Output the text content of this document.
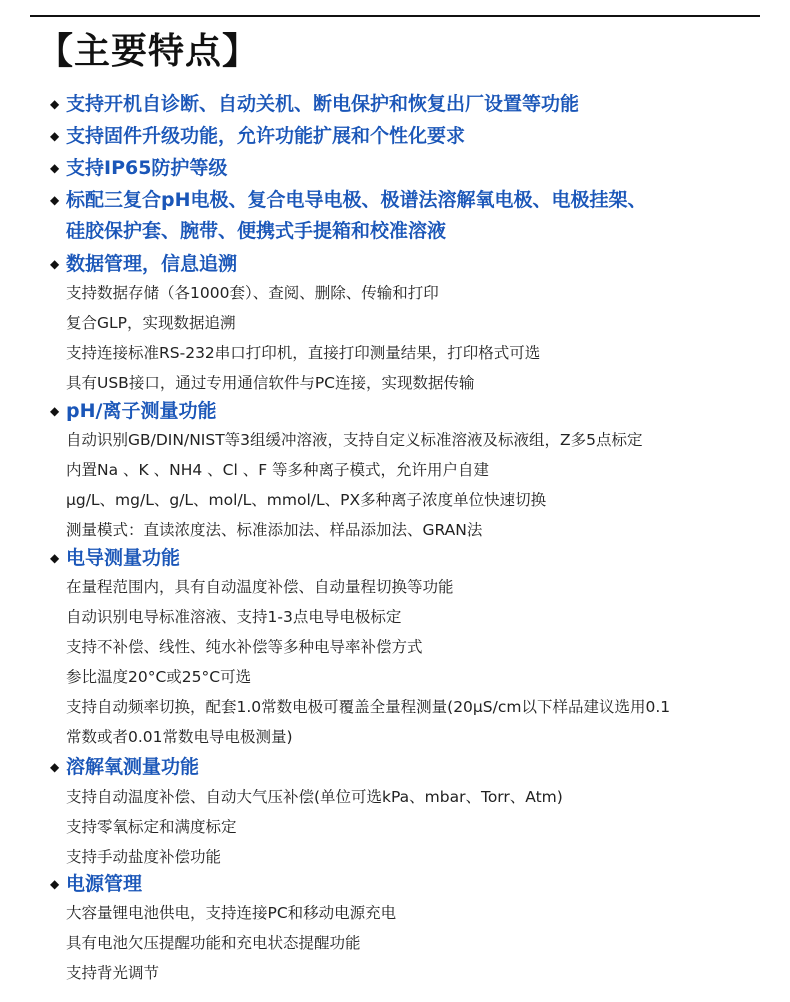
【主要特点】
◆ 支持开机自诊断、自动关机、断电保护和恢复出厂设置等功能
◆ 支持固件升级功能，允许功能扩展和个性化要求
◆ 支持IP65防护等级
◆ 标配三复合pH电极、复合电导电极、极谱法溶解氧电极、电极挂架、
硅胶保护套、腕带、便携式手提箱和校准溶液
◆ 数据管理，信息追溯
支持数据存储（各1000套）、查阅、删除、传输和打印
复合GLP，实现数据追溯
支持连接标准RS-232串口打印机，直接打印测量结果，打印格式可选
具有USB接口，通过专用通信软件与PC连接，实现数据传输
◆ pH/离子测量功能
自动识别GB/DIN/NIST等3组缓冲溶液，支持自定义标准溶液及标液组，Z多5点标定
内置Na 、K 、NH4 、Cl 、F 等多种离子模式，允许用户自建
μg/L、mg/L、g/L、mol/L、mmol/L、PX多种离子浓度单位快速切换
测量模式：直读浓度法、标准添加法、样品添加法、GRAN法
◆ 电导测量功能
在量程范围内，具有自动温度补偿、自动量程切换等功能
自动识别电导标准溶液、支持1-3点电导电极标定
支持不补偿、线性、纯水补偿等多种电导率补偿方式
参比温度20°C或25°C可选
支持自动频率切换，配套1.0常数电极可覆盖全量程测量(20μS/cm以下样品建议选用0.1
常数或者0.01常数电导电极测量)
◆ 溶解氧测量功能
支持自动温度补偿、自动大气压补偿(单位可选kPa、mbar、Torr、Atm)
支持零氧标定和满度标定
支持手动盐度补偿功能
◆ 电源管理
大容量锂电池供电，支持连接PC和移动电源充电
具有电池欠压提醒功能和充电状态提醒功能
支持背光调节
